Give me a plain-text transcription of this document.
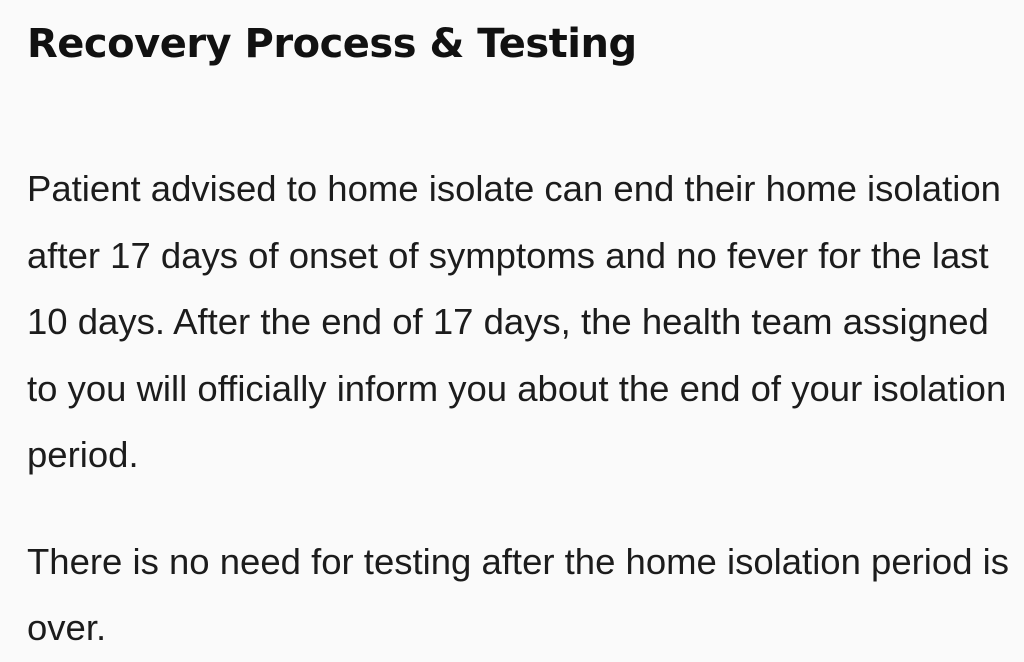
Recovery Process & Testing

Patient advised to home isolate can end their home isolation after 17 days of onset of symptoms and no fever for the last 10 days. After the end of 17 days, the health team assigned to you will officially inform you about the end of your isolation period.

There is no need for testing after the home isolation period is over.
